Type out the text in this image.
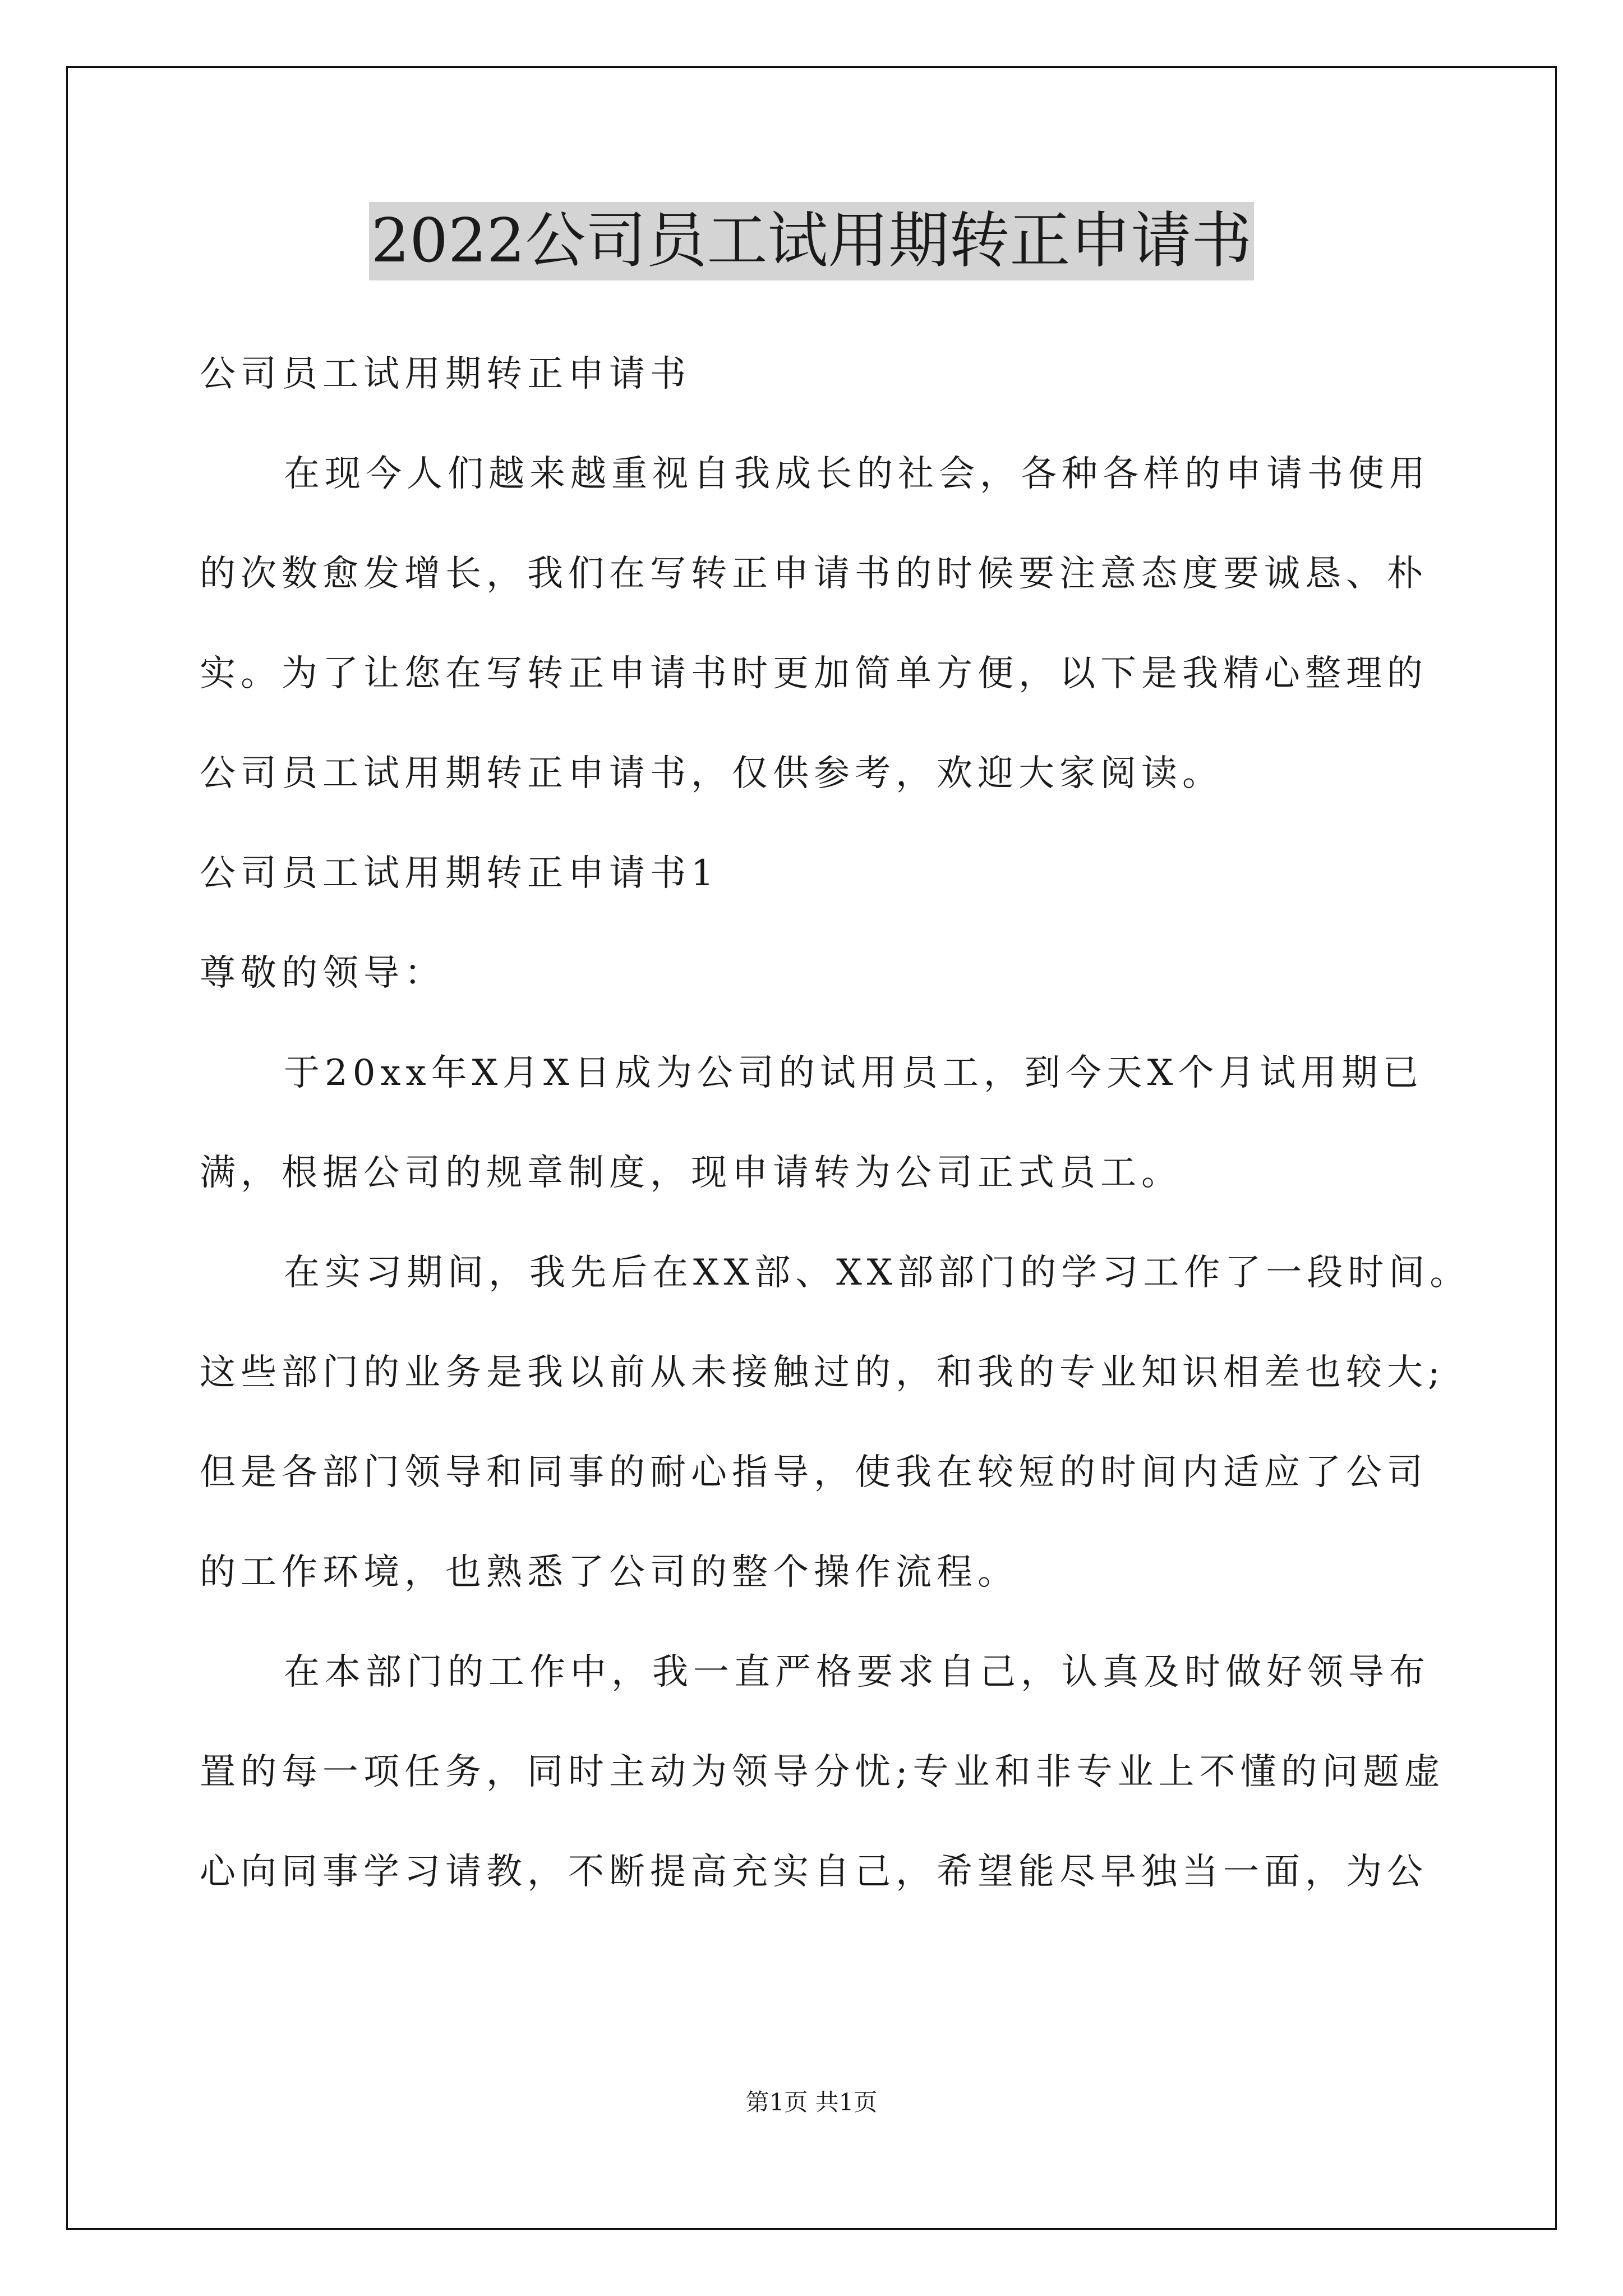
2022公司员工试用期转正申请书
公司员工试用期转正申请书
在现今人们越来越重视自我成长的社会，各种各样的申请书使用
的次数愈发增长，我们在写转正申请书的时候要注意态度要诚恳、朴
实。为了让您在写转正申请书时更加简单方便，以下是我精心整理的
公司员工试用期转正申请书，仅供参考，欢迎大家阅读。
公司员工试用期转正申请书1
尊敬的领导：
于20xx年X月X日成为公司的试用员工，到今天X个月试用期已
满，根据公司的规章制度，现申请转为公司正式员工。
在实习期间，我先后在XX部、XX部部门的学习工作了一段时间。
这些部门的业务是我以前从未接触过的，和我的专业知识相差也较大;
但是各部门领导和同事的耐心指导，使我在较短的时间内适应了公司
的工作环境，也熟悉了公司的整个操作流程。
在本部门的工作中，我一直严格要求自己，认真及时做好领导布
置的每一项任务，同时主动为领导分忧;专业和非专业上不懂的问题虚
心向同事学习请教，不断提高充实自己，希望能尽早独当一面，为公
第1页 共1页
